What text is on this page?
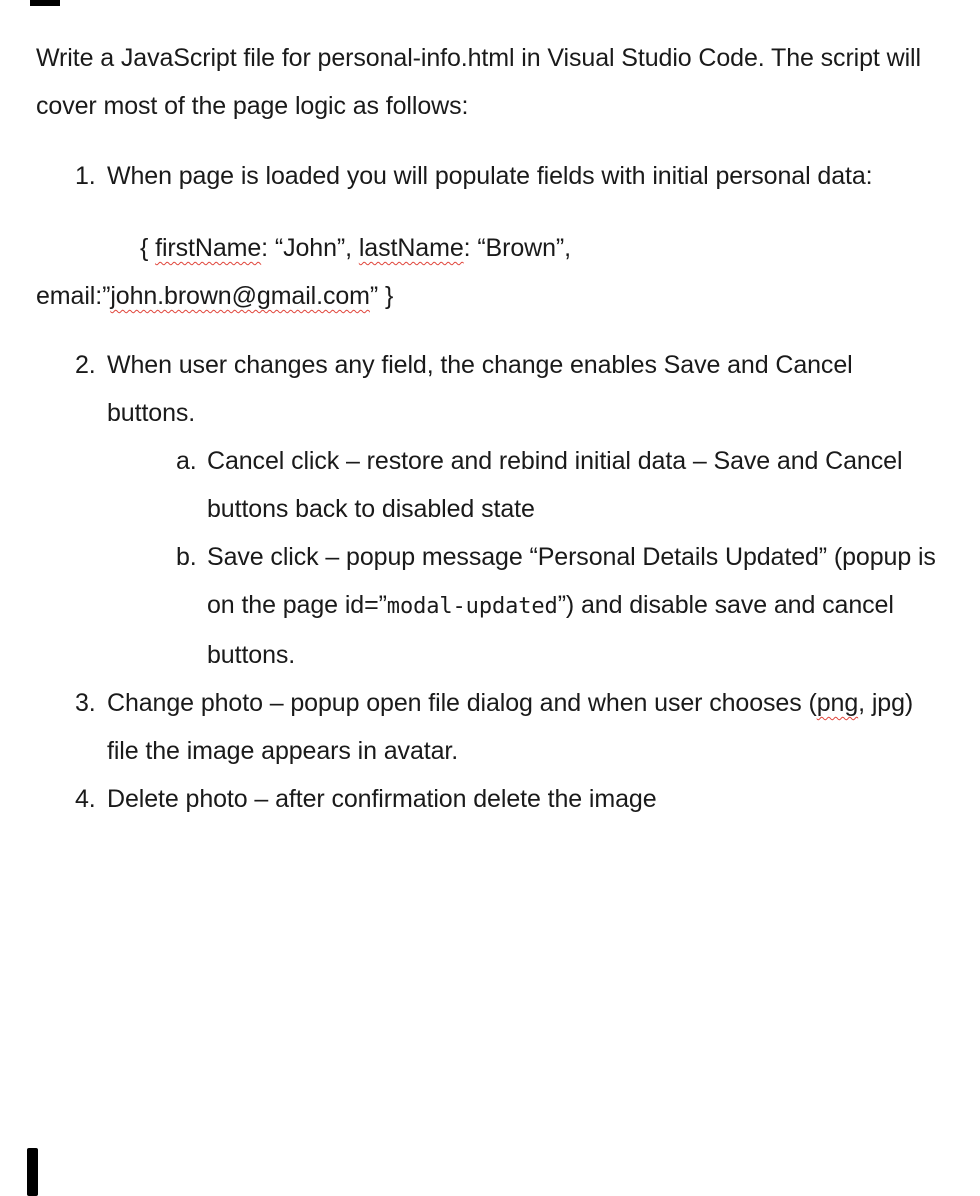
Write a JavaScript file for personal-info.html in Visual Studio Code. The script will cover most of the page logic as follows:

1. When page is loaded you will populate fields with initial personal data:

{ firstName: “John”, lastName: “Brown”,
email:”john.brown@gmail.com” }

2. When user changes any field, the change enables Save and Cancel buttons.
a. Cancel click – restore and rebind initial data – Save and Cancel buttons back to disabled state
b. Save click – popup message “Personal Details Updated” (popup is on the page id=”modal-updated”) and disable save and cancel buttons.
3. Change photo – popup open file dialog and when user chooses (png, jpg) file the image appears in avatar.
4. Delete photo – after confirmation delete the image
